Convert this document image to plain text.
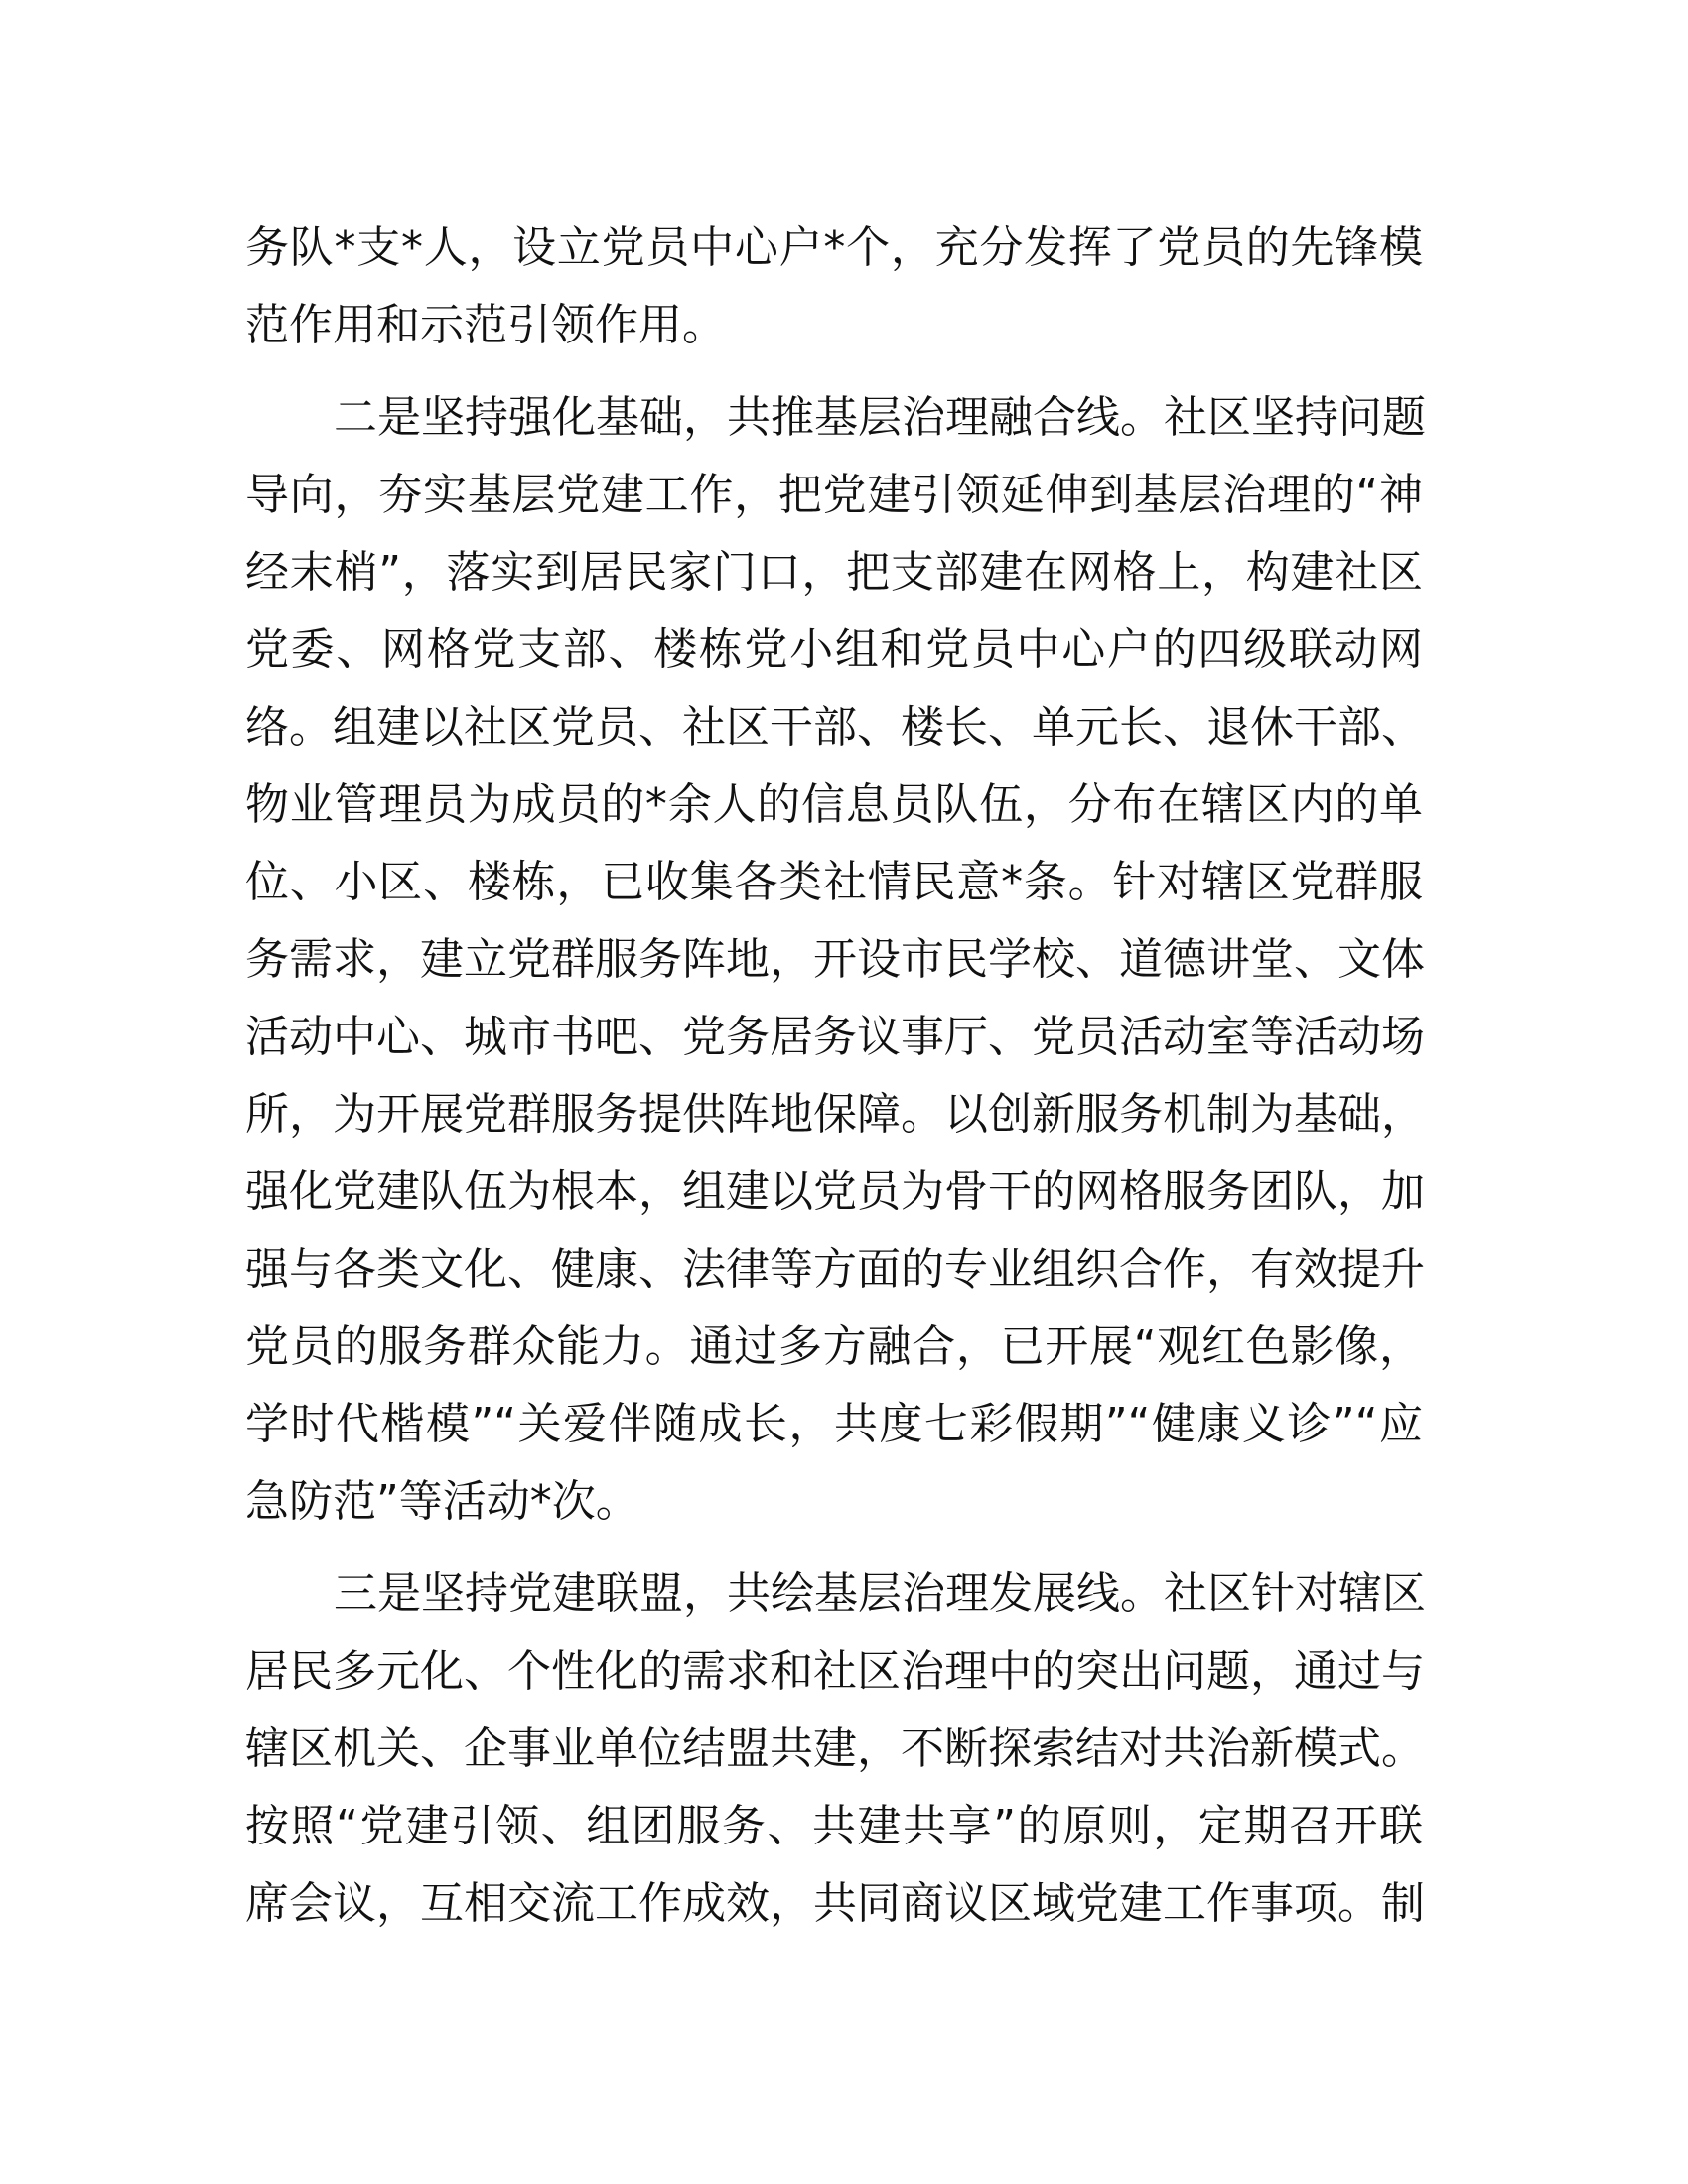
务队*支*人，设立党员中心户*个，充分发挥了党员的先锋模
范作用和示范引领作用。
二是坚持强化基础，共推基层治理融合线。社区坚持问题
导向，夯实基层党建工作，把党建引领延伸到基层治理的“神
经末梢”，落实到居民家门口，把支部建在网格上，构建社区
党委、网格党支部、楼栋党小组和党员中心户的四级联动网
络。组建以社区党员、社区干部、楼长、单元长、退休干部、
物业管理员为成员的*余人的信息员队伍，分布在辖区内的单
位、小区、楼栋，已收集各类社情民意*条。针对辖区党群服
务需求，建立党群服务阵地，开设市民学校、道德讲堂、文体
活动中心、城市书吧、党务居务议事厅、党员活动室等活动场
所，为开展党群服务提供阵地保障。以创新服务机制为基础，
强化党建队伍为根本，组建以党员为骨干的网格服务团队，加
强与各类文化、健康、法律等方面的专业组织合作，有效提升
党员的服务群众能力。通过多方融合，已开展“观红色影像，
学时代楷模”“关爱伴随成长，共度七彩假期”“健康义诊”“应
急防范”等活动*次。
三是坚持党建联盟，共绘基层治理发展线。社区针对辖区
居民多元化、个性化的需求和社区治理中的突出问题，通过与
辖区机关、企事业单位结盟共建，不断探索结对共治新模式。
按照“党建引领、组团服务、共建共享”的原则，定期召开联
席会议，互相交流工作成效，共同商议区域党建工作事项。制
